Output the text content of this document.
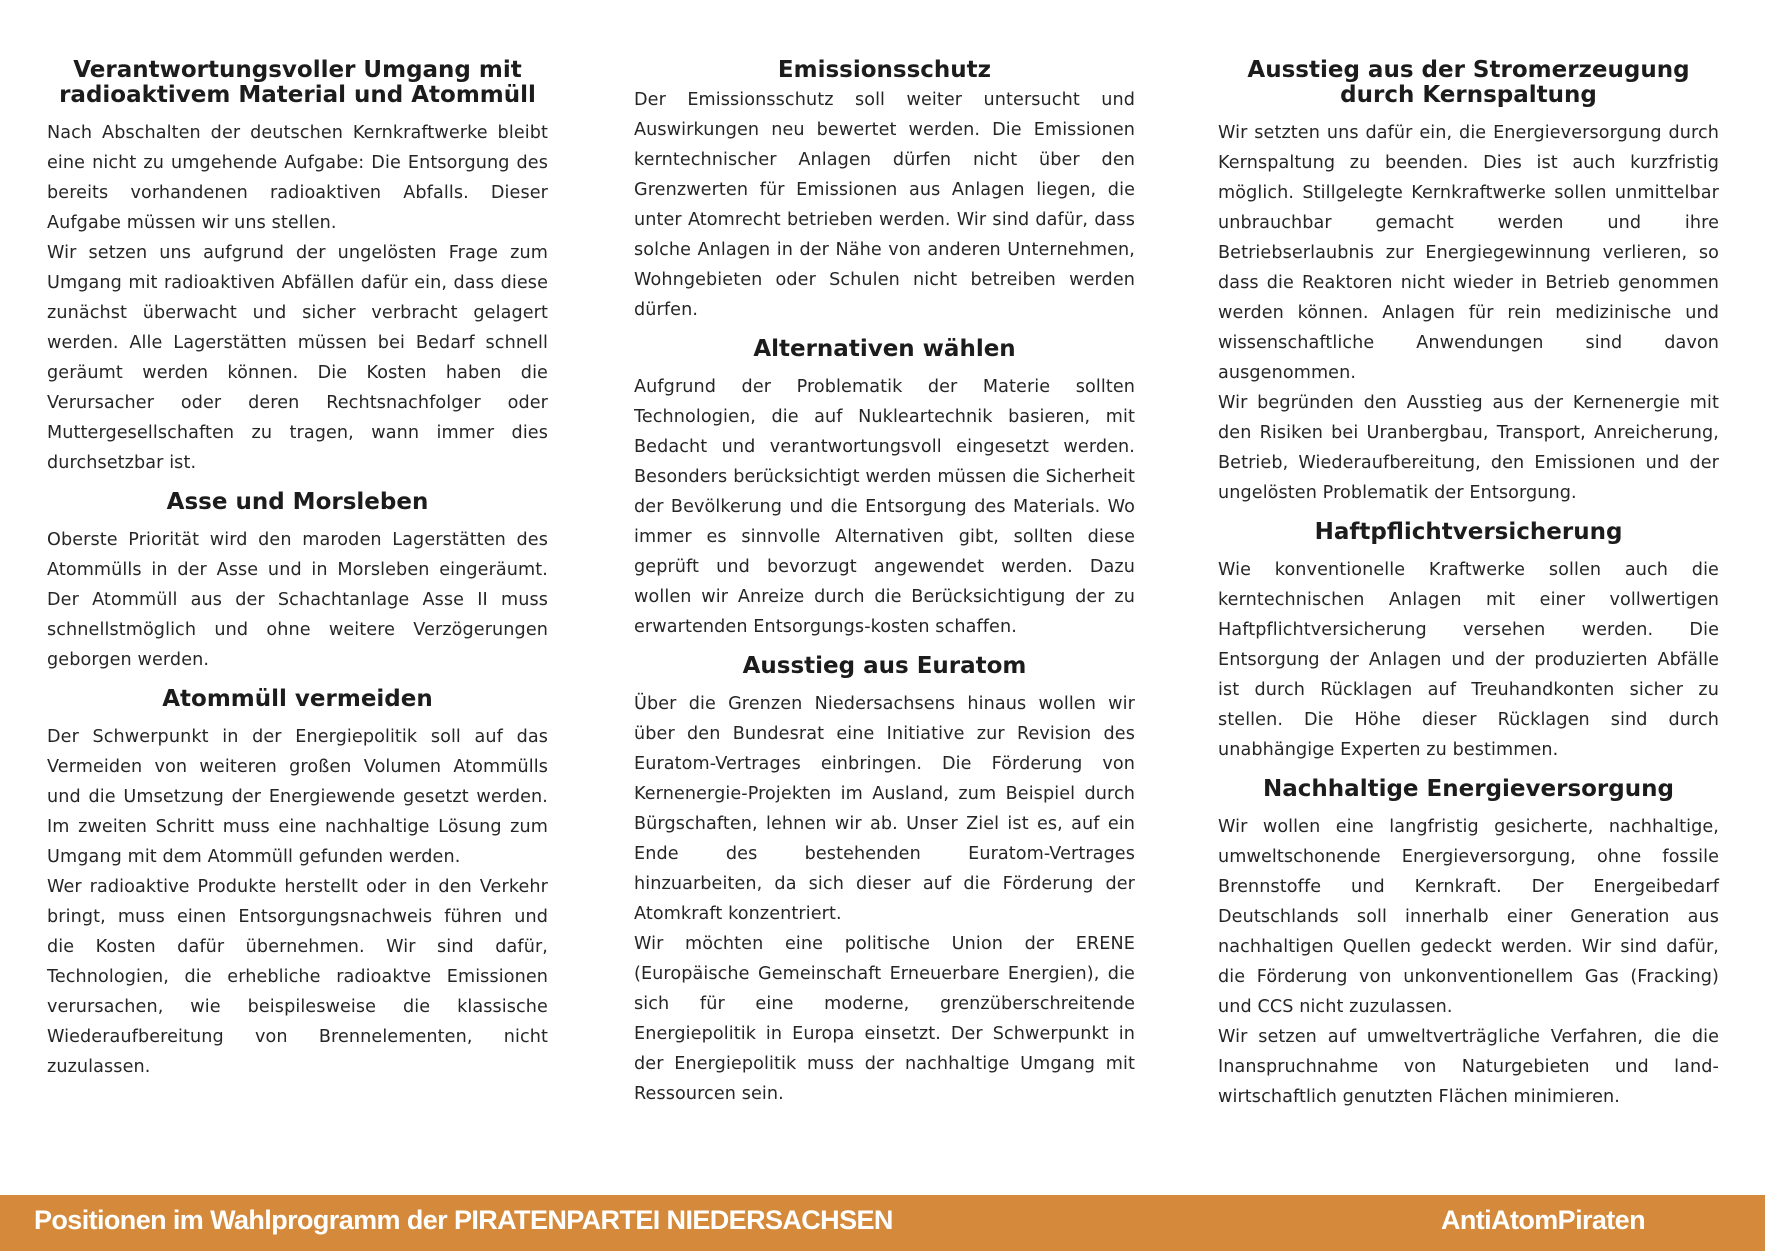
Verantwortungsvoller Umgang mit
radioaktivem Material und Atommüll

Nach Abschalten der deutschen Kernkraftwerke bleibt eine nicht zu umgehende Aufgabe: Die Entsorgung des bereits vorhandenen radioaktiven Abfalls. Dieser Aufgabe müssen wir uns stellen.

Wir setzen uns aufgrund der ungelösten Frage zum Umgang mit radioaktiven Abfällen dafür ein, dass diese zunächst überwacht und sicher verbracht gelagert werden. Alle Lagerstätten müssen bei Bedarf schnell geräumt werden können. Die Kosten haben die Verursacher oder deren Rechtsnachfolger oder Muttergesellschaften zu tragen, wann immer dies durchsetzbar ist.

Asse und Morsleben

Oberste Priorität wird den maroden Lagerstätten des Atommülls in der Asse und in Morsleben eingeräumt. Der Atommüll aus der Schachtanlage Asse II muss schnellstmöglich und ohne weitere Verzögerungen geborgen werden.

Atommüll vermeiden

Der Schwerpunkt in der Energiepolitik soll auf das Vermeiden von weiteren großen Volumen Atommülls und die Umsetzung der Energiewende gesetzt werden. Im zweiten Schritt muss eine nachhaltige Lösung zum Umgang mit dem Atommüll gefunden werden.

Wer radioaktive Produkte herstellt oder in den Verkehr bringt, muss einen Entsorgungsnachweis führen und die Kosten dafür übernehmen. Wir sind dafür, Technologien, die erhebliche radioaktve Emissionen verursachen, wie beispilesweise die klassische Wiederaufbereitung von Brennelementen, nicht zuzulassen.

Emissionsschutz

Der Emissionsschutz soll weiter untersucht und Auswirkungen neu bewertet werden. Die Emissionen kerntechnischer Anlagen dürfen nicht über den Grenzwerten für Emissionen aus Anlagen liegen, die unter Atomrecht betrieben werden. Wir sind dafür, dass solche Anlagen in der Nähe von anderen Unternehmen, Wohngebieten oder Schulen nicht betreiben werden dürfen.

Alternativen wählen

Aufgrund der Problematik der Materie sollten Technologien, die auf Nukleartechnik basieren, mit Bedacht und verantwortungsvoll eingesetzt werden. Besonders berücksichtigt werden müssen die Sicherheit der Bevölkerung und die Entsorgung des Materials. Wo immer es sinnvolle Alternativen gibt, sollten diese geprüft und bevorzugt angewendet werden. Dazu wollen wir Anreize durch die Berücksichtigung der zu erwartenden Entsorgungs-kosten schaffen.

Ausstieg aus Euratom

Über die Grenzen Niedersachsens hinaus wollen wir über den Bundesrat eine Initiative zur Revision des Euratom-Vertrages einbringen. Die Förderung von Kernenergie-Projekten im Ausland, zum Beispiel durch Bürgschaften, lehnen wir ab. Unser Ziel ist es, auf ein Ende des bestehenden Euratom-Vertrages hinzuarbeiten, da sich dieser auf die Förderung der Atomkraft konzentriert.

Wir möchten eine politische Union der ERENE (Europäische Gemeinschaft Erneuerbare Energien), die sich für eine moderne, grenzüberschreitende Energiepolitik in Europa einsetzt. Der Schwerpunkt in der Energiepolitik muss der nachhaltige Umgang mit Ressourcen sein.

Ausstieg aus der Stromerzeugung
durch Kernspaltung

Wir setzten uns dafür ein, die Energieversorgung durch Kernspaltung zu beenden. Dies ist auch kurzfristig möglich. Stillgelegte Kernkraftwerke sollen unmittelbar unbrauchbar gemacht werden und ihre Betriebserlaubnis zur Energiegewinnung verlieren, so dass die Reaktoren nicht wieder in Betrieb genommen werden können. Anlagen für rein medizinische und wissenschaftliche Anwendungen sind davon ausgenommen.

Wir begründen den Ausstieg aus der Kernenergie mit den Risiken bei Uranbergbau, Transport, Anreicherung, Betrieb, Wiederaufbereitung, den Emissionen und der ungelösten Problematik der Entsorgung.

Haftpflichtversicherung

Wie konventionelle Kraftwerke sollen auch die kerntechnischen Anlagen mit einer vollwertigen Haftpflichtversicherung versehen werden. Die Entsorgung der Anlagen und der produzierten Abfälle ist durch Rücklagen auf Treuhandkonten sicher zu stellen. Die Höhe dieser Rücklagen sind durch unabhängige Experten zu bestimmen.

Nachhaltige Energieversorgung

Wir wollen eine langfristig gesicherte, nachhaltige, umweltschonende Energieversorgung, ohne fossile Brennstoffe und Kernkraft. Der Energeibedarf Deutschlands soll innerhalb einer Generation aus nachhaltigen Quellen gedeckt werden. Wir sind dafür, die Förderung von unkonventionellem Gas (Fracking) und CCS nicht zuzulassen.

Wir setzen auf umweltverträgliche Verfahren, die die Inanspruchnahme von Naturgebieten und land-wirtschaftlich genutzten Flächen minimieren.

Positionen im Wahlprogramm der PIRATENPARTEI NIEDERSACHSEN	AntiAtomPiraten
